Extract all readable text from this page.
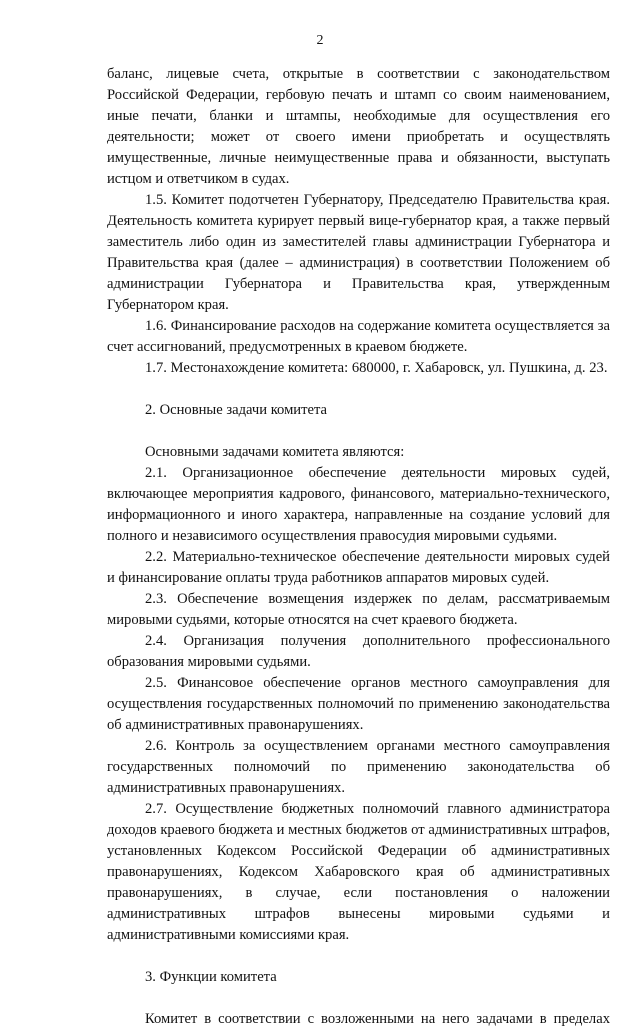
2

баланс, лицевые счета, открытые в соответствии с законодательством Российской Федерации, гербовую печать и штамп со своим наименованием, иные печати, бланки и штампы, необходимые для осуществления его деятельности; может от своего имени приобретать и осуществлять имущественные, личные неимущественные права и обязанности, выступать истцом и ответчиком в судах.

1.5. Комитет подотчетен Губернатору, Председателю Правительства края. Деятельность комитета курирует первый вице-губернатор края, а также первый заместитель либо один из заместителей главы администрации Губернатора и Правительства края (далее – администрация) в соответствии Положением об администрации Губернатора и Правительства края, утвержденным Губернатором края.

1.6. Финансирование расходов на содержание комитета осуществляется за счет ассигнований, предусмотренных в краевом бюджете.

1.7. Местонахождение комитета: 680000, г. Хабаровск, ул. Пушкина, д. 23.

2. Основные задачи комитета

Основными задачами комитета являются:

2.1. Организационное обеспечение деятельности мировых судей, включающее мероприятия кадрового, финансового, материально-технического, информационного и иного характера, направленные на создание условий для полного и независимого осуществления правосудия мировыми судьями.

2.2. Материально-техническое обеспечение деятельности мировых судей и финансирование оплаты труда работников аппаратов мировых судей.

2.3. Обеспечение возмещения издержек по делам, рассматриваемым мировыми судьями, которые относятся на счет краевого бюджета.

2.4. Организация получения дополнительного профессионального образования мировыми судьями.

2.5. Финансовое обеспечение органов местного самоуправления для осуществления государственных полномочий по применению законодательства об административных правонарушениях.

2.6. Контроль за осуществлением органами местного самоуправления государственных полномочий по применению законодательства об административных правонарушениях.

2.7. Осуществление бюджетных полномочий главного администратора доходов краевого бюджета и местных бюджетов от административных штрафов, установленных Кодексом Российской Федерации об административных правонарушениях, Кодексом Хабаровского края об административных правонарушениях, в случае, если постановления о наложении административных штрафов вынесены мировыми судьями и административными комиссиями края.

3. Функции комитета

Комитет в соответствии с возложенными на него задачами в пределах
